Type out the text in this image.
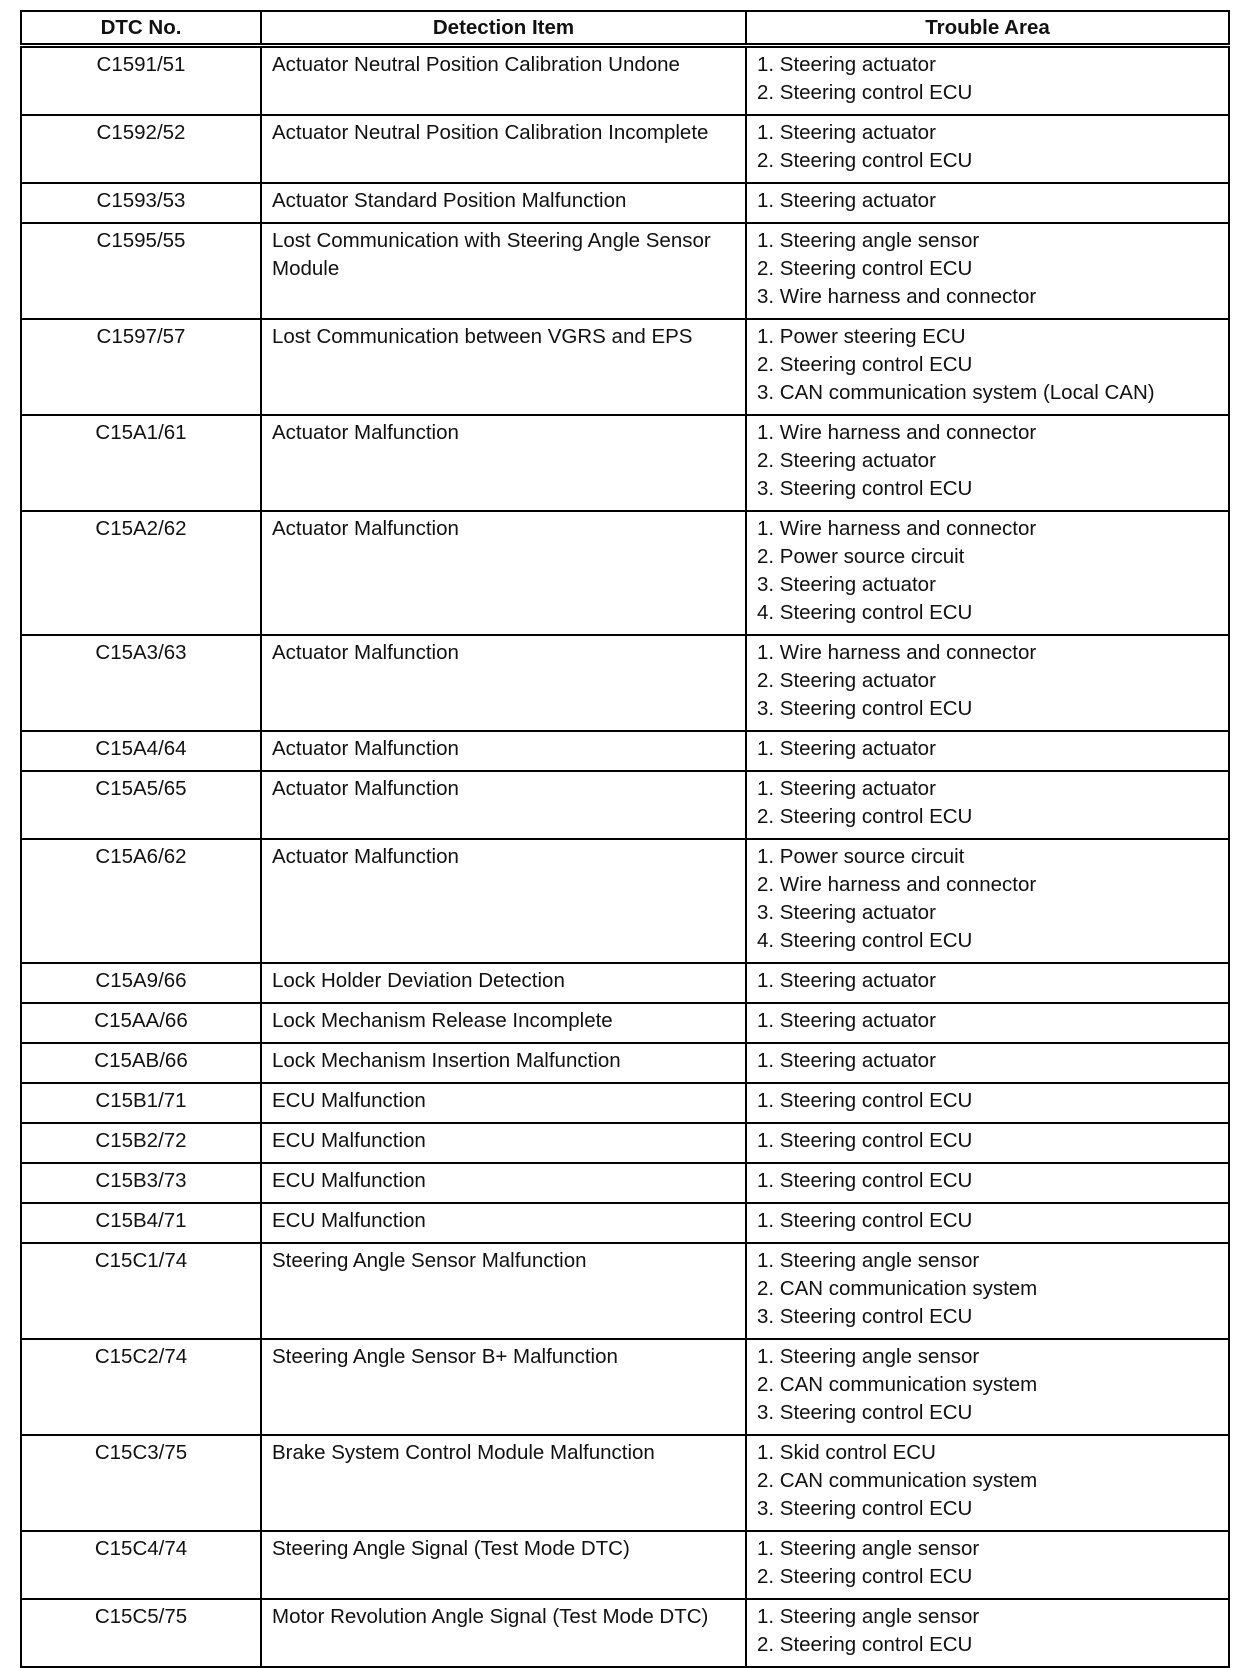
DTC No.	Detection Item	Trouble Area
C1591/51	Actuator Neutral Position Calibration Undone	1. Steering actuator
2. Steering control ECU

C1592/52	Actuator Neutral Position Calibration Incomplete	1. Steering actuator
2. Steering control ECU

C1593/53	Actuator Standard Position Malfunction	1. Steering actuator

C1595/55	Lost Communication with Steering Angle Sensor Module	1. Steering angle sensor
2. Steering control ECU
3. Wire harness and connector

C1597/57	Lost Communication between VGRS and EPS	1. Power steering ECU
2. Steering control ECU
3. CAN communication system (Local CAN)

C15A1/61	Actuator Malfunction	1. Wire harness and connector
2. Steering actuator
3. Steering control ECU

C15A2/62	Actuator Malfunction	1. Wire harness and connector
2. Power source circuit
3. Steering actuator
4. Steering control ECU

C15A3/63	Actuator Malfunction	1. Wire harness and connector
2. Steering actuator
3. Steering control ECU

C15A4/64	Actuator Malfunction	1. Steering actuator

C15A5/65	Actuator Malfunction	1. Steering actuator
2. Steering control ECU

C15A6/62	Actuator Malfunction	1. Power source circuit
2. Wire harness and connector
3. Steering actuator
4. Steering control ECU

C15A9/66	Lock Holder Deviation Detection	1. Steering actuator

C15AA/66	Lock Mechanism Release Incomplete	1. Steering actuator

C15AB/66	Lock Mechanism Insertion Malfunction	1. Steering actuator

C15B1/71	ECU Malfunction	1. Steering control ECU

C15B2/72	ECU Malfunction	1. Steering control ECU

C15B3/73	ECU Malfunction	1. Steering control ECU

C15B4/71	ECU Malfunction	1. Steering control ECU

C15C1/74	Steering Angle Sensor Malfunction	1. Steering angle sensor
2. CAN communication system
3. Steering control ECU

C15C2/74	Steering Angle Sensor B+ Malfunction	1. Steering angle sensor
2. CAN communication system
3. Steering control ECU

C15C3/75	Brake System Control Module Malfunction	1. Skid control ECU
2. CAN communication system
3. Steering control ECU

C15C4/74	Steering Angle Signal (Test Mode DTC)	1. Steering angle sensor
2. Steering control ECU

C15C5/75	Motor Revolution Angle Signal (Test Mode DTC)	1. Steering angle sensor
2. Steering control ECU
